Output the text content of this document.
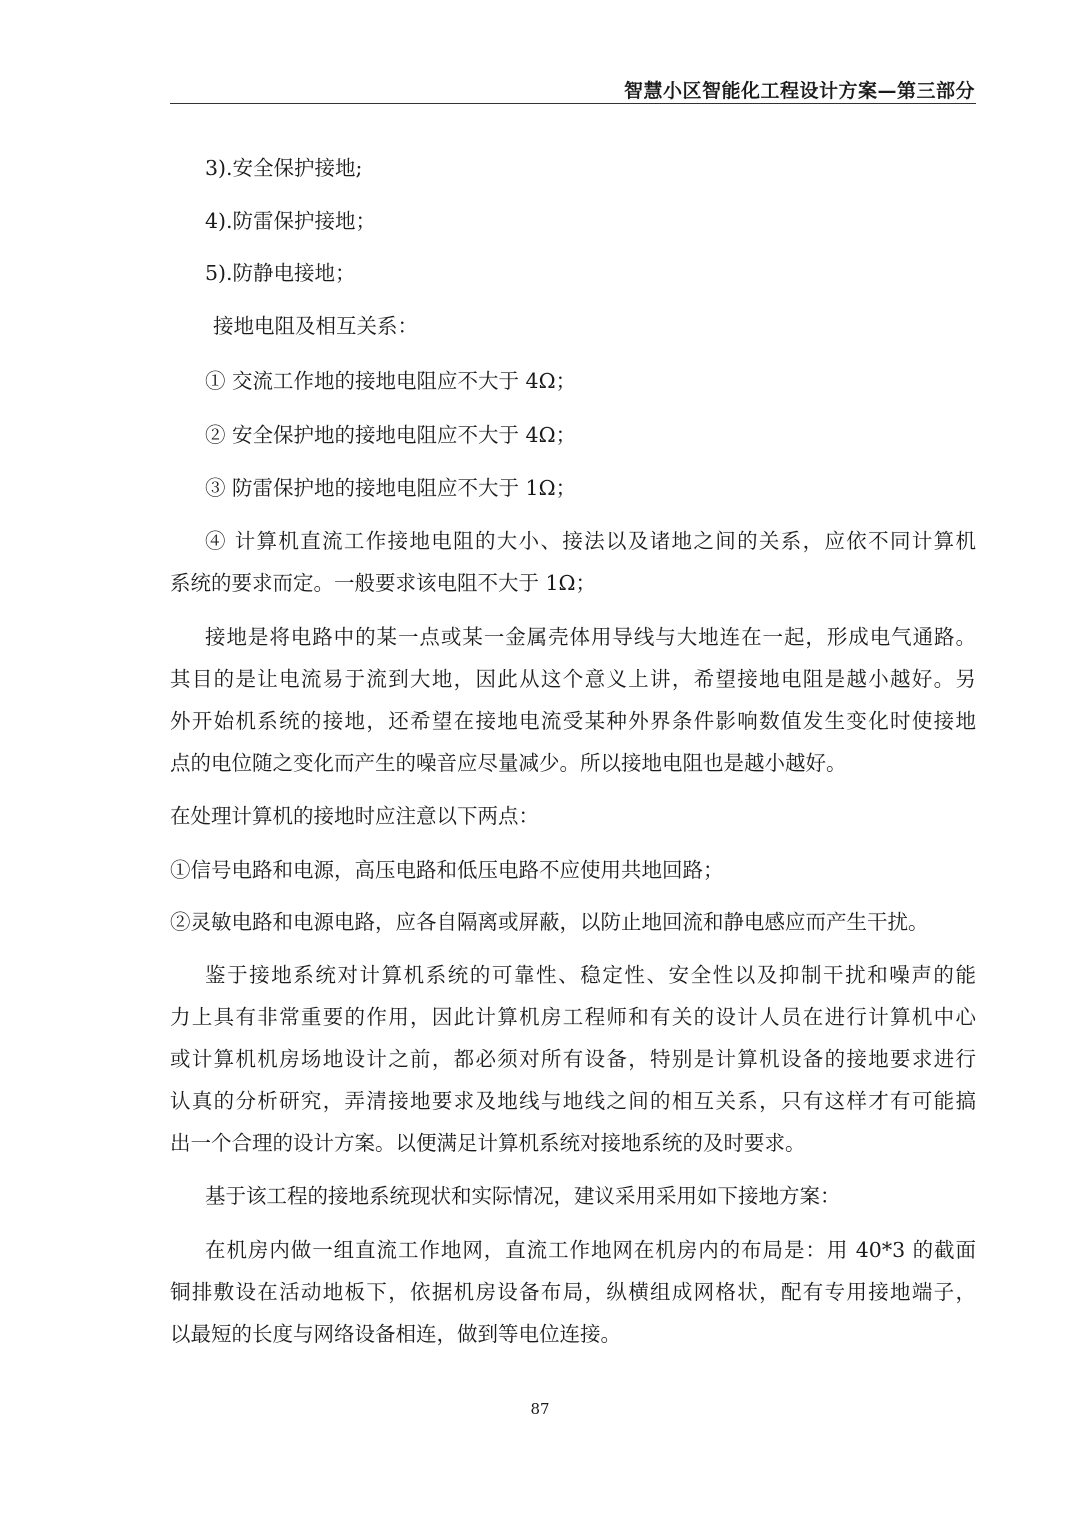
智慧小区智能化工程设计方案—第三部分
3).安全保护接地;
4).防雷保护接地；
5).防静电接地；
接地电阻及相互关系：
① 交流工作地的接地电阻应不大于 4Ω；
② 安全保护地的接地电阻应不大于 4Ω；
③ 防雷保护地的接地电阻应不大于 1Ω；
④ 计算机直流工作接地电阻的大小、接法以及诸地之间的关系，应依不同计算机
系统的要求而定。一般要求该电阻不大于 1Ω；
接地是将电路中的某一点或某一金属壳体用导线与大地连在一起，形成电气通路。
其目的是让电流易于流到大地，因此从这个意义上讲，希望接地电阻是越小越好。另
外开始机系统的接地，还希望在接地电流受某种外界条件影响数值发生变化时使接地
点的电位随之变化而产生的噪音应尽量减少。所以接地电阻也是越小越好。
在处理计算机的接地时应注意以下两点：
①信号电路和电源，高压电路和低压电路不应使用共地回路；
②灵敏电路和电源电路，应各自隔离或屏蔽，以防止地回流和静电感应而产生干扰。
鉴于接地系统对计算机系统的可靠性、稳定性、安全性以及抑制干扰和噪声的能
力上具有非常重要的作用，因此计算机房工程师和有关的设计人员在进行计算机中心
或计算机机房场地设计之前，都必须对所有设备，特别是计算机设备的接地要求进行
认真的分析研究，弄清接地要求及地线与地线之间的相互关系，只有这样才有可能搞
出一个合理的设计方案。以便满足计算机系统对接地系统的及时要求。
基于该工程的接地系统现状和实际情况，建议采用采用如下接地方案：
在机房内做一组直流工作地网，直流工作地网在机房内的布局是：用 40*3 的截面
铜排敷设在活动地板下，依据机房设备布局，纵横组成网格状，配有专用接地端子，
以最短的长度与网络设备相连，做到等电位连接。
87
